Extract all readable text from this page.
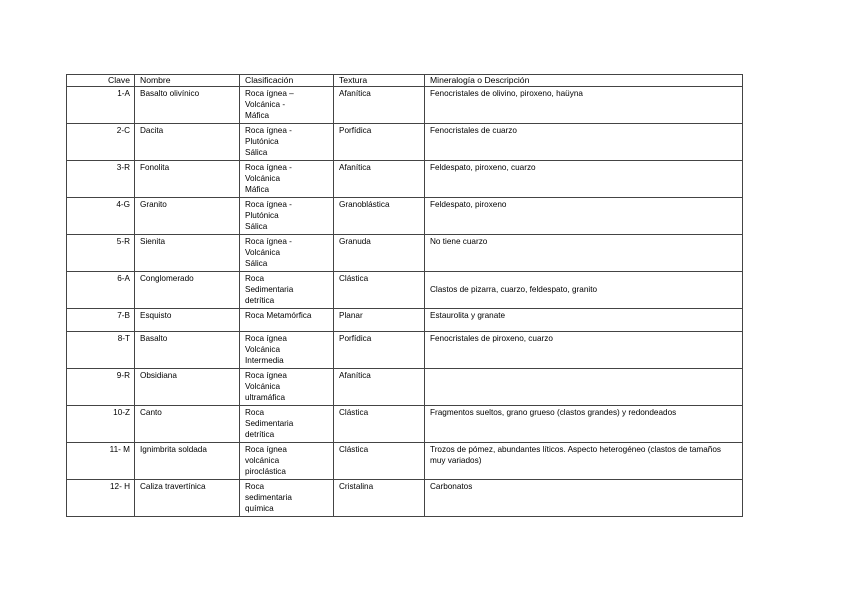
Clave	Nombre	Clasificación	Textura	Mineralogía o Descripción
1-A	Basalto olivínico	Roca ígnea –
Volcánica -
Máfica	Afanítica	Fenocristales de olivino, piroxeno, haüyna
2-C	Dacita	Roca ígnea -
Plutónica
Sálica	Porfídica	Fenocristales de cuarzo
3-R	Fonolita	Roca ígnea -
Volcánica
Máfica	Afanítica	Feldespato, piroxeno, cuarzo
4-G	Granito	Roca ígnea -
Plutónica
Sálica	Granoblástica	Feldespato, piroxeno
5-R	Sienita	Roca ígnea -
Volcánica
Sálica	Granuda	No tiene cuarzo
6-A	Conglomerado	Roca
Sedimentaria
detrítica	Clástica	Clastos de pizarra, cuarzo, feldespato, granito

7-B	Esquisto	Roca Metamórfica	Planar	Estaurolita y granate
8-T	Basalto	Roca ígnea
Volcánica
Intermedia	Porfídica	Fenocristales de piroxeno, cuarzo
9-R	Obsidiana	Roca ígnea
Volcánica
ultramáfica	Afanítica	
10-Z	Canto	Roca
Sedimentaria
detrítica	Clástica	Fragmentos sueltos, grano grueso (clastos grandes) y redondeados
11- M	Ignimbrita soldada	Roca ígnea
volcánica
piroclástica	Clástica	Trozos de pómez, abundantes líticos. Aspecto heterogéneo (clastos de tamaños muy variados)
12- H	Caliza travertínica	Roca
sedimentaria
química	Cristalina	Carbonatos
